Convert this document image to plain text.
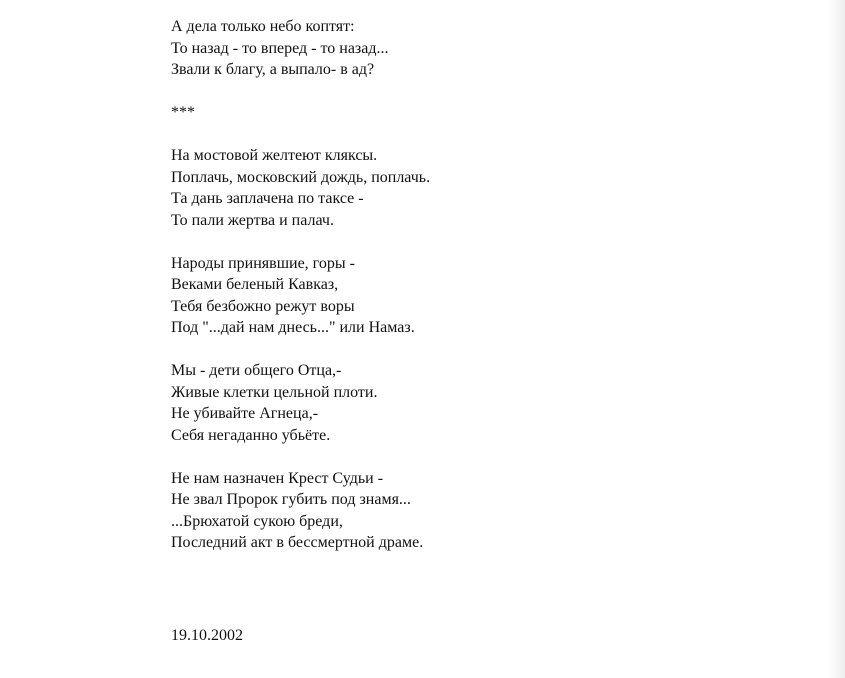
А дела только небо коптят:
То назад - то вперед - то назад...
Звали к благу, а выпало- в ад?
***
На мостовой желтеют кляксы.
Поплачь, московский дождь, поплачь.
Та дань заплачена по таксе -
То пали жертва и палач.
Народы принявшие, горы -
Веками беленый Кавказ,
Тебя безбожно режут воры
Под "...дай нам днесь..." или Намаз.
Мы - дети общего Отца,-
Живые клетки цельной плоти.
Не убивайте Агнеца,-
Себя негаданно убьёте.
Не нам назначен Крест Судьи -
Не звал Пророк губить под знамя...
...Брюхатой сукою бреди,
Последний акт в бессмертной драме.
19.10.2002
